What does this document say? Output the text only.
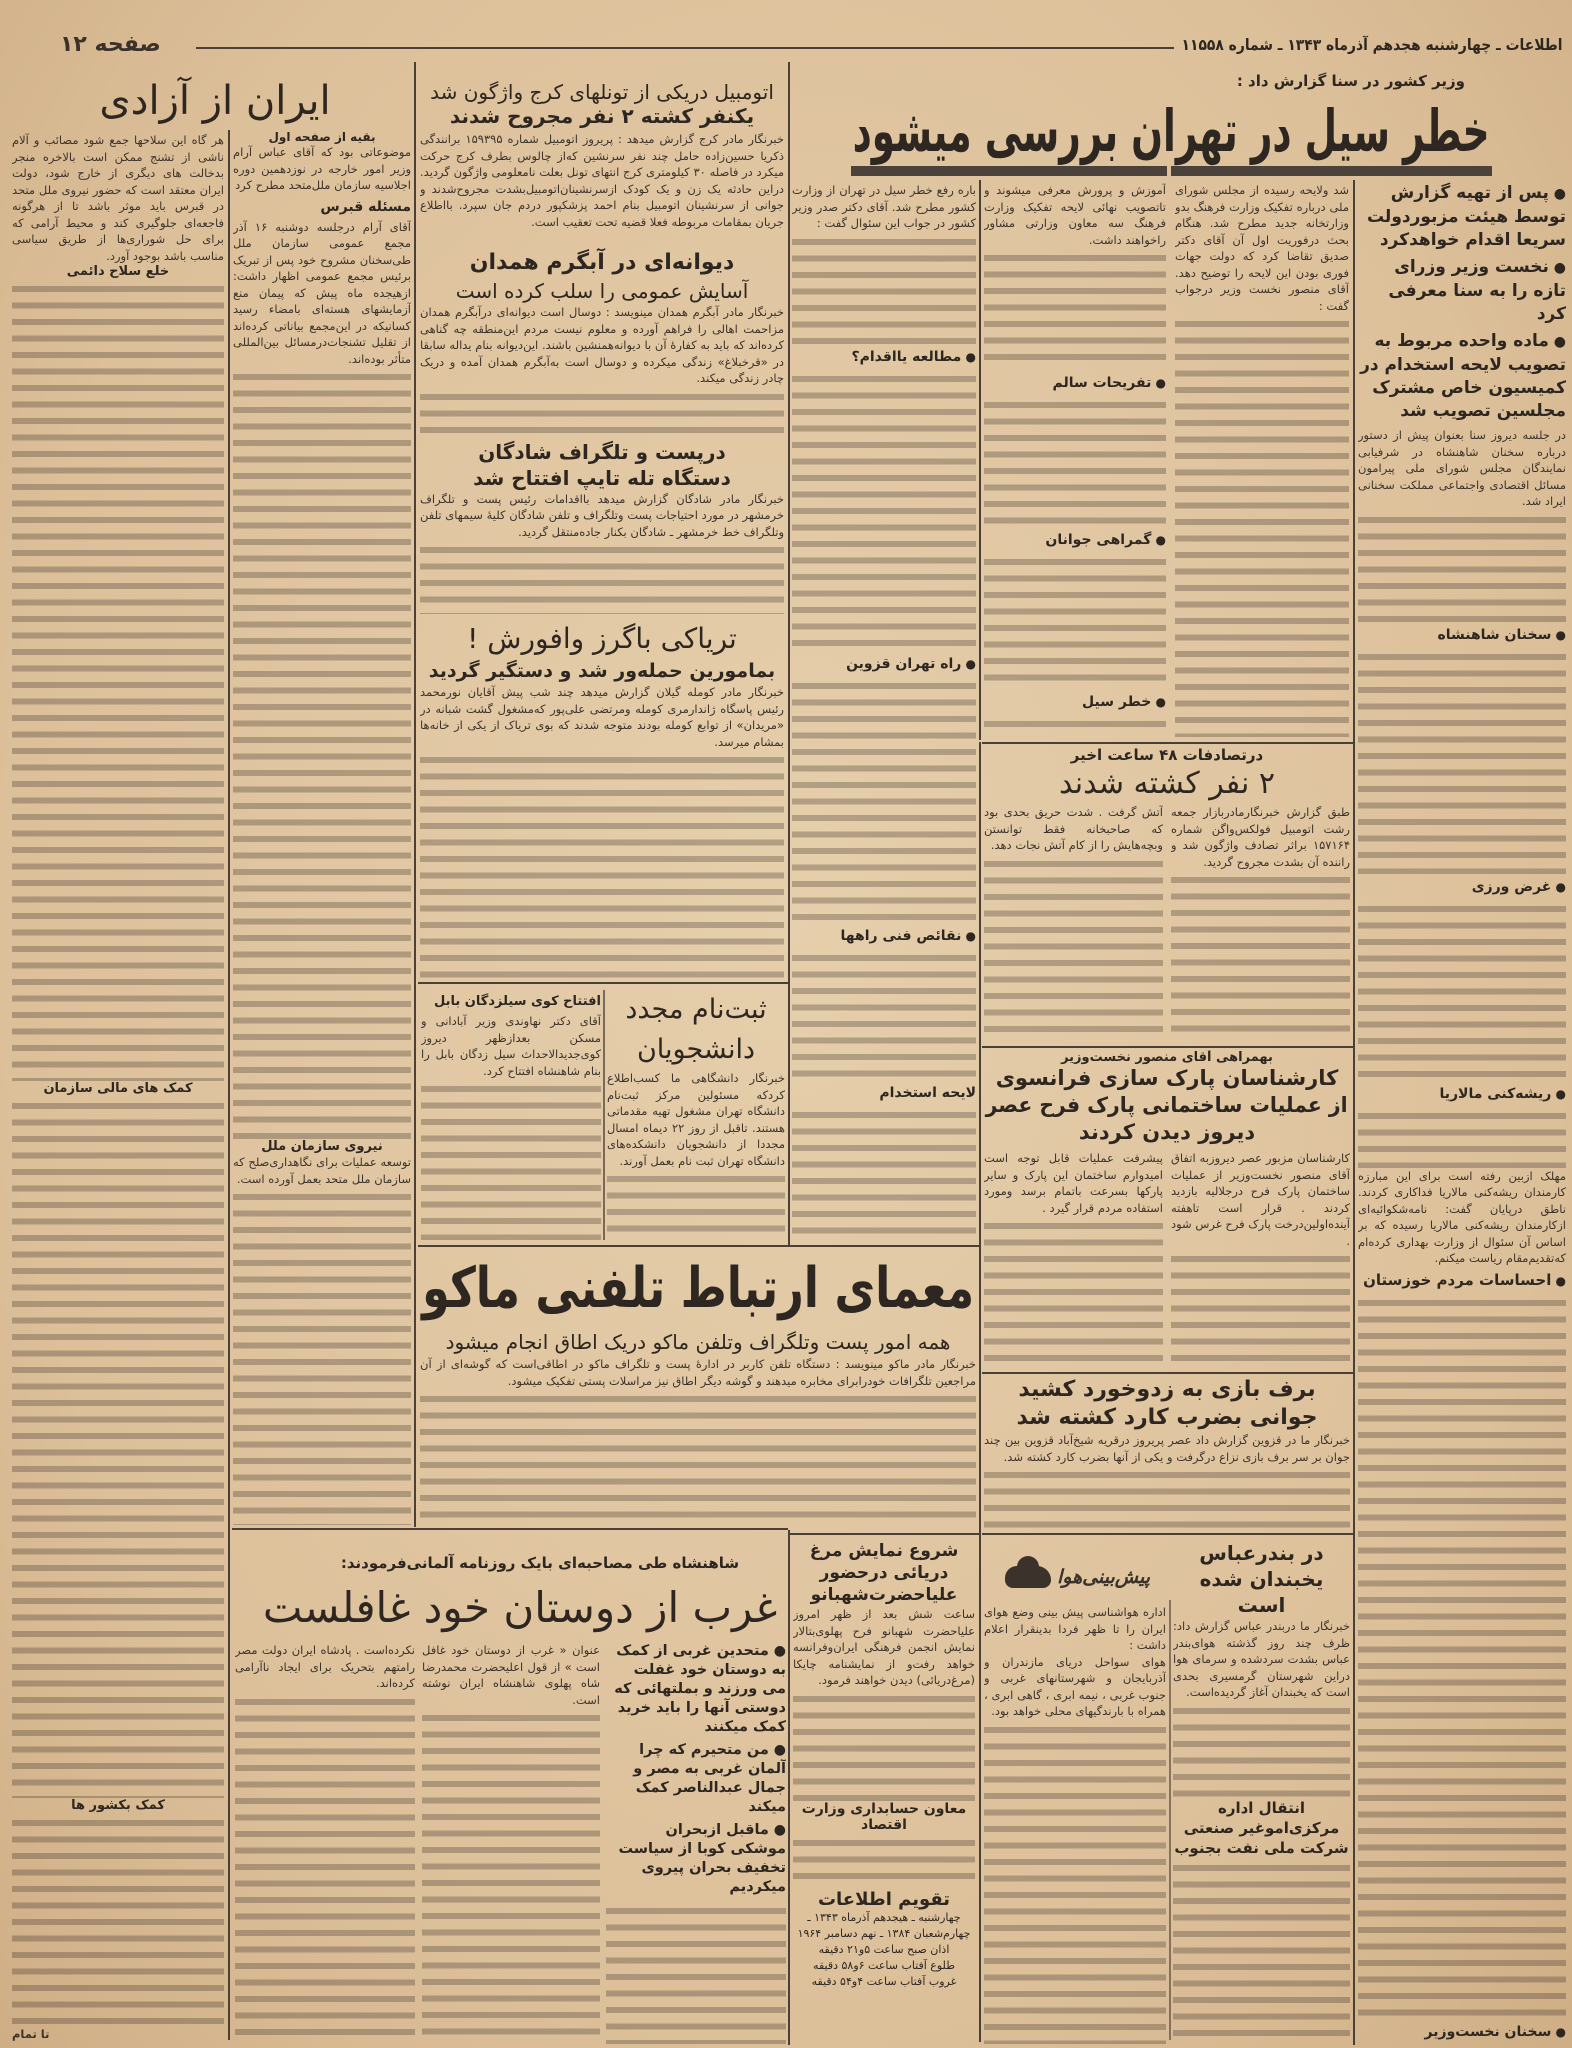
صفحه ۱۲	اطلاعات ـ چهارشنبه هجدهم آذرماه ۱۳۴۳ ـ شماره ۱۱۵۵۸
وزیر کشور در سنا گزارش داد :
خطر سیل در تهران بررسی میشود
● پس از تهیه گزارش توسط هیئت مزبوردولت سریعا اقدام خواهدکرد
● نخست وزیر وزرای تازه را به سنا معرفی کرد
● ماده واحده مربوط به تصویب لایحه استخدام در کمیسیون خاص مشترک مجلسین تصویب شد
در جلسه دیروز سنا بعنوان پیش از دستور درباره سخنان شاهنشاه در شرفیابی نمایندگان مجلس شورای ملی پیرامون مسائل اقتصادی واجتماعی مملکت سخنانی ایراد شد.
● سخنان شاهنشاه
● غرض ورزی
● ریشه‌کنی مالاریا
مهلک ازبین رفته است برای این مبارزه کارمندان ریشه‌کنی مالاریا فداکاری کردند. ناطق درپایان گفت: نامه‌شکوائیه‌ای ازکارمندان ریشه‌کنی مالاریا رسیده که بر اساس آن سئوال از وزارت بهداری کرده‌ام که‌تقدیم‌مقام ریاست میکنم.
● احساسات مردم خوزستان
● سخنان نخست‌وزیر
شد ولایحه رسیده از مجلس شورای ملی درباره تفکیک وزارت فرهنگ بدو وزارتخانه جدید مطرح شد. هنگام بحث درفوریت اول آن آقای دکتر صدیق تقاضا کرد که دولت جهات فوری بودن این لایحه را توضیح دهد. آقای منصور نخست وزیر درجواب گفت :
آموزش و پرورش معرفی میشوند و تاتصویب نهائی لایحه تفکیک وزارت فرهنگ سه معاون وزارتی مشاور راخواهند داشت.
● تفریحات سالم
● گمراهی جوانان
● خطر سیل
باره رفع خطر سیل در تهران از وزارت کشور مطرح شد. آقای دکتر صدر وزیر کشور در جواب این سئوال گفت :
● مطالعه یااقدام؟
● راه تهران قزوین
● نقائص فنی راهها
لایحه استخدام
درتصادفات ۴۸ ساعت اخیر
۲ نفر کشته شدند
طبق گزارش خبرنگارمادربازار جمعه رشت اتومبیل فولکس‌واگن شماره ۱۵۷۱۶۴ براثر تصادف واژگون شد و راننده آن بشدت مجروح گردید.
آتش گرفت . شدت حریق بحدی بود که صاحبخانه فقط توانستن وبچه‌هایش را از کام آتش نجات دهد.
بهمراهی آقای منصور نخست‌وزیر
کارشناسان پارک سازی فرانسوی
از عملیات ساختمانی پارک فرح عصر
دیروز دیدن کردند
کارشناسان مزبور عصر دیروزبه اتفاق آقای منصور نخست‌وزیر از عملیات ساختمان پارک فرح درجلالیه بازدید کردند . قرار است تاهفته آینده‌اولین‌درخت پارک فرح غرس شود .
پیشرفت عملیات قابل توجه است امیدوارم ساختمان این پارک و سایر پارکها بسرعت باتمام برسد ومورد استفاده مردم قرار گیرد .
برف بازی به زدوخورد کشید
جوانی بضرب کارد کشته شد
خبرنگار ما در قزوین گزارش داد عصر پریروز درقریه شیخ‌آباد قزوین بین چند جوان بر سر برف بازی نزاع درگرفت و یکی از آنها بضرب کارد کشته شد.
پیش‌بینی‌هوا
اداره هواشناسی پیش بینی وضع هوای ایران را تا ظهر فردا بدینقرار اعلام داشت :
هوای سواحل دریای مازندران و آذربایجان و شهرستانهای غربی و جنوب غربی ، نیمه ابری ، گاهی ابری ، همراه با بارندگیهای محلی خواهد بود.
در بندرعباس یخبندان شده است
خبرنگار ما دربندر عباس گزارش داد: ظرف چند روز گذشته هوای‌بندر عباس بشدت سردشده و سرمای هوا دراین شهرستان گرمسیری بحدی است که یخبندان آغاز گردیده‌است.
انتقال اداره مرکزی‌اموغیر صنعتی شرکت ملی نفت بجنوب
شروع نمایش مرغ دریائی درحضور علیاحضرت‌شهبانو
ساعت شش بعد از ظهر امروز علیاحضرت شهبانو فرح پهلوی‌بتالار نمایش انجمن فرهنگی ایران‌وفرانسه خواهد رفت‌و از نمایشنامه چایکا (مرغ‌دریائی) دیدن خواهند فرمود.
معاون حسابداری وزارت اقتصاد
تقویم اطلاعات
چهارشنبه ـ هیجدهم آذرماه ۱۳۴۳ ـ
چهارم‌شعبان ۱۳۸۴ ـ نهم دسامبر ۱۹۶۴
اذان صبح ساعت ۵و۲۱ دقیقه
طلوع آفتاب ساعت ۶و۵۸ دقیقه
غروب آفتاب ساعت ۴و۵۴ دقیقه
اتومبیل دریکی از تونلهای کرج واژگون شد
یکنفر کشته ۲ نفر مجروح شدند
خبرنگار مادر کرج گزارش میدهد : پریروز اتومبیل شماره ۱۵۹۳۹۵ برانندگی ذکریا حسین‌زاده حامل چند نفر سرنشین که‌از چالوس بطرف کرج حرکت میکرد در فاصله ۳۰ کیلومتری کرج انتهای تونل بعلت نامعلومی واژگون گردید. دراین حادثه یک زن و یک کودک ازسرنشینان‌اتومبیل‌بشدت مجروح‌شدند و جوانی از سرنشینان اتومبیل بنام احمد پزشکپور دردم جان سپرد. بااطلاع جریان بمقامات مربوطه فعلا قضیه تحت تعقیب است.
دیوانه‌ای در آبگرم همدان
آسایش عمومی را سلب کرده است
خبرنگار مادر آبگرم همدان مینویسد : دوسال است دیوانه‌ای درآبگرم همدان مزاحمت اهالی را فراهم آورده و معلوم نیست مردم این‌منطقه چه گناهی کرده‌اند که باید به کفارهٔ آن با دیوانه‌همنشین باشند. این‌دیوانه بنام یداله سابقا در «قرخبلاغ» زندگی میکرده و دوسال است به‌آبگرم همدان آمده و دریک چادر زندگی میکند.
درپست و تلگراف شادگان
دستگاه تله تایپ افتتاح شد
خبرنگار مادر شادگان گزارش میدهد بااقدامات رئیس پست و تلگراف خرمشهر در مورد احتیاجات پست وتلگراف و تلفن شادگان کلیهٔ سیمهای تلفن وتلگراف خط خرمشهر ـ شادگان بکنار جاده‌منتقل گردید.
تریاکی باگرز وافورش !
بمامورین حمله‌ور شد و دستگیر گردید
خبرنگار مادر کومله گیلان گزارش میدهد چند شب پیش آقایان نورمحمد رئیس پاسگاه ژاندارمری کومله ومرتضی علی‌پور که‌مشغول گشت شبانه در «مریدان» از توابع کومله بودند متوجه شدند که بوی تریاک از یکی از خانه‌ها بمشام میرسد.
افتتاح کوی سیلزدگان بابل
آقای دکتر نهاوندی وزیر آبادانی و مسکن بعدازظهر دیروز کوی‌جدیدالاحداث سیل زدگان بابل را بنام شاهنشاه افتتاح کرد.
ثبت‌نام مجدد دانشجویان
خبرنگار دانشگاهی ما کسب‌اطلاع کردکه مسئولین مرکز ثبت‌نام دانشگاه تهران مشغول تهیه مقدماتی هستند. تاقبل از روز ۲۲ دیماه امسال مجددا از دانشجویان دانشکده‌های دانشگاه تهران ثبت نام بعمل آورند.
معمای ارتباط تلفنی ماکو
همه امور پست وتلگراف وتلفن ماکو دریک اطاق انجام میشود
خبرنگار مادر ماکو مینویسد : دستگاه تلفن کاربر در ادارهٔ پست و تلگراف ماکو در اطاقی‌است که گوشه‌ای از آن مراجعین تلگرافات خودرابرای مخابره میدهند و گوشه دیگر اطاق نیز مراسلات پستی تفکیک میشود.
ایران از آزادی
هر گاه این سلاحها جمع شود مصائب و آلام ناشی از تشنج ممکن است بالاخره منجر بدخالت های دیگری از خارج شود، دولت ایران معتقد است که حضور نیروی ملل متحد در قبرس باید موثر باشد تا از هرگونه فاجعه‌ای جلوگیری کند و محیط آرامی که برای حل شوراری‌ها از طریق سیاسی مناسب باشد بوجود آورد.
خلع سلاح دائمی
کمک های مالی سازمان
کمک بکشور ها
تا تمام
بقیه از صفحه اول
موضوعاتی بود که آقای عباس آرام وزیر امور خارجه در نوزدهمین دوره اجلاسیه سازمان ملل‌متحد مطرح کرد
مسئله قبرس
آقای آرام درجلسه دوشنبه ۱۶ آذر مجمع عمومی سازمان ملل طی‌سخنان مشروح خود پس از تبریک برئیس مجمع عمومی اظهار داشت: ازهیجده ماه پیش که پیمان منع آزمایشهای هسته‌ای بامضاء رسید کسانیکه در این‌مجمع بیاناتی کرده‌اند از تقلیل تشنجات‌درمسائل بین‌المللی متأثر بوده‌اند.
نیروی سازمان ملل
توسعه عملیات برای نگاهداری‌صلح که سازمان ملل متحد بعمل آورده است.
شاهنشاه طی مصاحبه‌ای بایک روزنامه آلمانی‌فرمودند:
غرب از دوستان خود غافلست
● متحدین غربی از کمک به دوستان خود غفلت می ورزند و بملتهائی که دوستی آنها را باید خرید کمک میکنند
● من متحیرم که چرا آلمان غربی به مصر و جمال عبدالناصر کمک میکند
● ماقبل ازبحران موشکی کوبا از سیاست تخفیف بحران پیروی میکردیم
عنوان « غرب از دوستان خود غافل است » از قول اعلیحضرت محمدرضا شاه پهلوی شاهنشاه ایران نوشته است.
نکرده‌است . پادشاه ایران دولت مصر رامتهم بتحریک برای ایجاد ناآرامی کرده‌اند.
